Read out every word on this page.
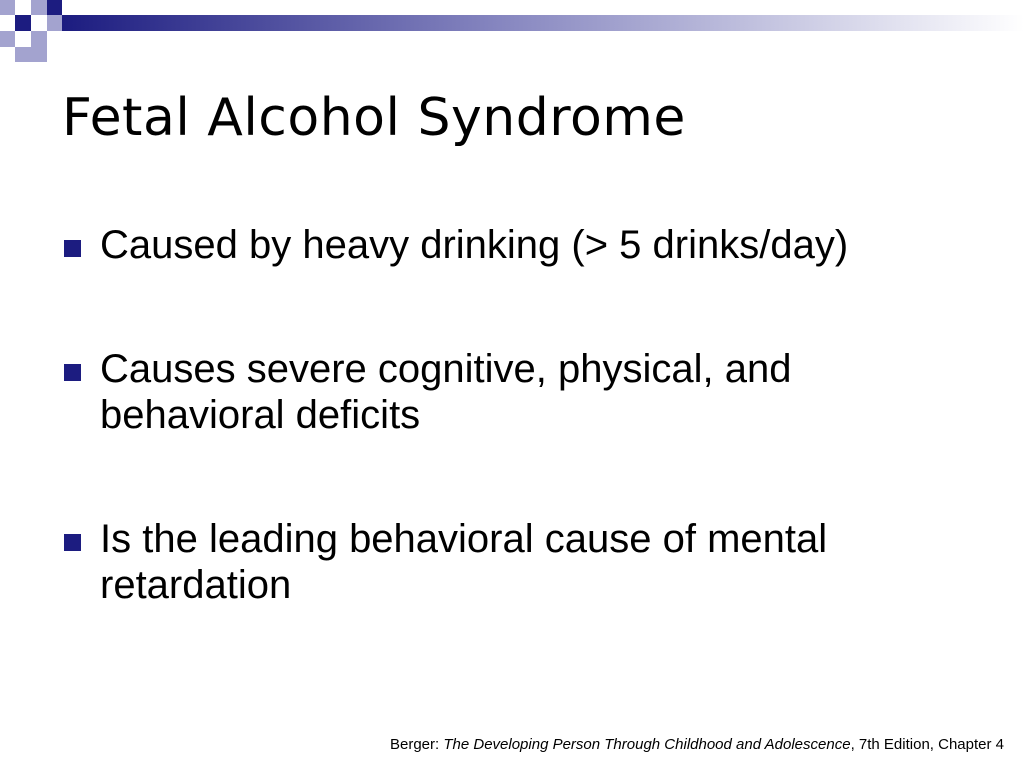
Fetal Alcohol Syndrome
Caused by heavy drinking (> 5 drinks/day)
Causes severe cognitive, physical, and behavioral deficits
Is the leading behavioral cause of mental retardation
Berger: The Developing Person Through Childhood and Adolescence, 7th Edition, Chapter 4
